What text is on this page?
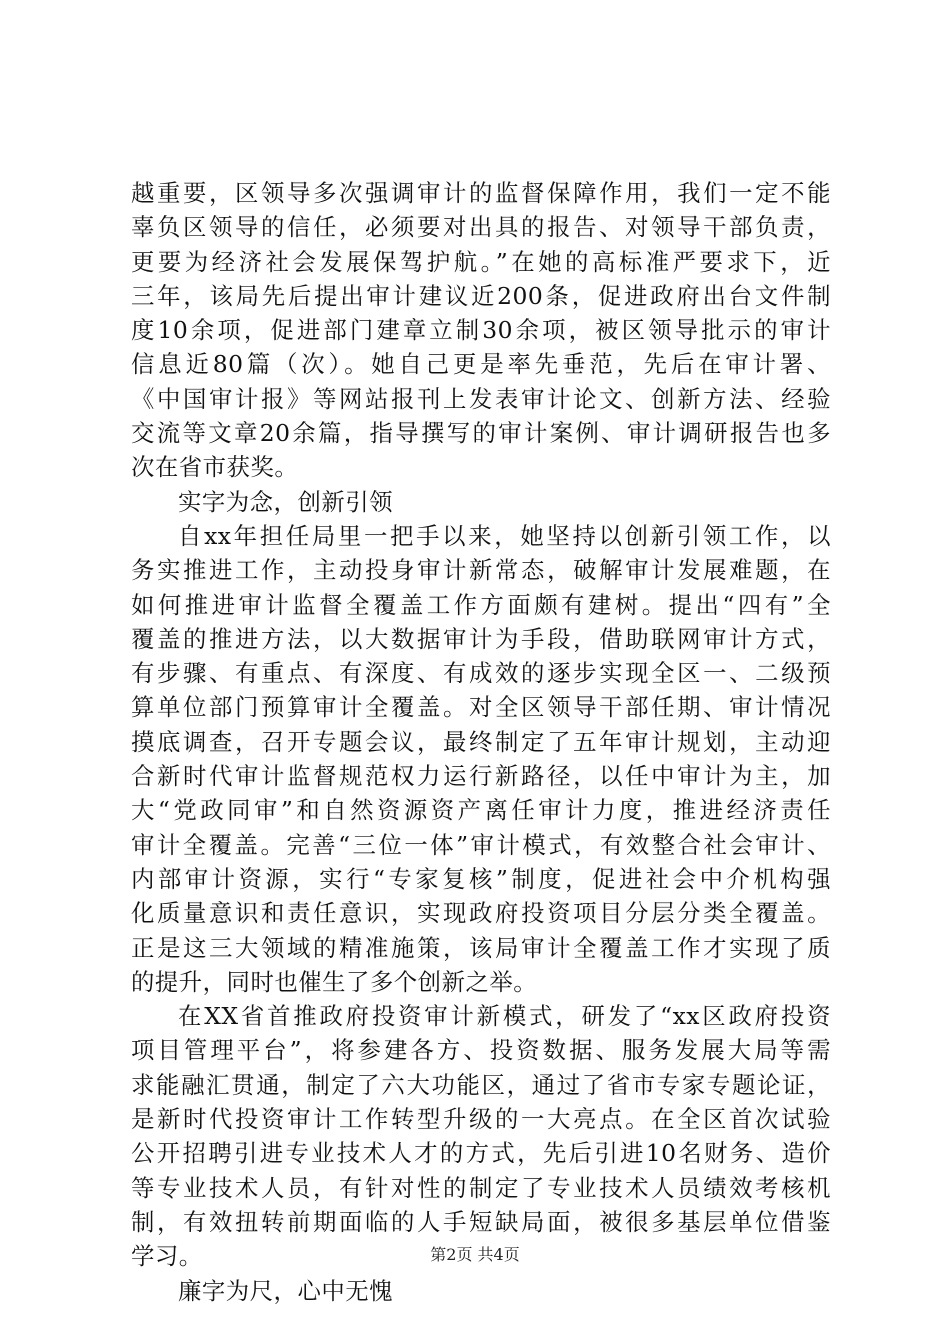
越重要，区领导多次强调审计的监督保障作用，我们一定不能
辜负区领导的信任，必须要对出具的报告、对领导干部负责，
更要为经济社会发展保驾护航。”在她的高标准严要求下，近
三年，该局先后提出审计建议近200条，促进政府出台文件制
度10余项，促进部门建章立制30余项，被区领导批示的审计
信息近80篇（次）。她自己更是率先垂范，先后在审计署、
《中国审计报》等网站报刊上发表审计论文、创新方法、经验
交流等文章20余篇，指导撰写的审计案例、审计调研报告也多
次在省市获奖。
实字为念，创新引领
自xx年担任局里一把手以来，她坚持以创新引领工作，以
务实推进工作，主动投身审计新常态，破解审计发展难题，在
如何推进审计监督全覆盖工作方面颇有建树。提出“四有”全
覆盖的推进方法，以大数据审计为手段，借助联网审计方式，
有步骤、有重点、有深度、有成效的逐步实现全区一、二级预
算单位部门预算审计全覆盖。对全区领导干部任期、审计情况
摸底调查，召开专题会议，最终制定了五年审计规划，主动迎
合新时代审计监督规范权力运行新路径，以任中审计为主，加
大“党政同审”和自然资源资产离任审计力度，推进经济责任
审计全覆盖。完善“三位一体”审计模式，有效整合社会审计、
内部审计资源，实行“专家复核”制度，促进社会中介机构强
化质量意识和责任意识，实现政府投资项目分层分类全覆盖。
正是这三大领域的精准施策，该局审计全覆盖工作才实现了质
的提升，同时也催生了多个创新之举。
在XX省首推政府投资审计新模式，研发了“xx区政府投资
项目管理平台”，将参建各方、投资数据、服务发展大局等需
求能融汇贯通，制定了六大功能区，通过了省市专家专题论证，
是新时代投资审计工作转型升级的一大亮点。在全区首次试验
公开招聘引进专业技术人才的方式，先后引进10名财务、造价
等专业技术人员，有针对性的制定了专业技术人员绩效考核机
制，有效扭转前期面临的人手短缺局面，被很多基层单位借鉴
学习。
廉字为尺，心中无愧
第2页 共4页
